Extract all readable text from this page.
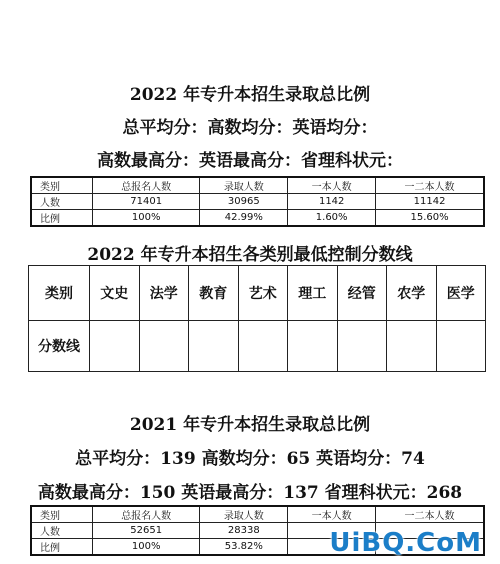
2022 年专升本招生录取总比例
总平均分：高数均分：英语均分：
高数最高分：英语最高分：省理科状元：
类别	总报名人数	录取人数	一本人数	一二本人数
人数	71401	30965	1142	11142
比例	100%	42.99%	1.60%	15.60%
2022 年专升本招生各类别最低控制分数线
类别	文史	法学	教育	艺术	理工	经管	农学	医学
分数线								
2021 年专升本招生录取总比例
总平均分：139 高数均分：65 英语均分：74
高数最高分：150 英语最高分：137 省理科状元：268
类别	总报名人数	录取人数	一本人数	一二本人数
人数	52651	28338		
比例	100%	53.82%			UiBQ.CoM
